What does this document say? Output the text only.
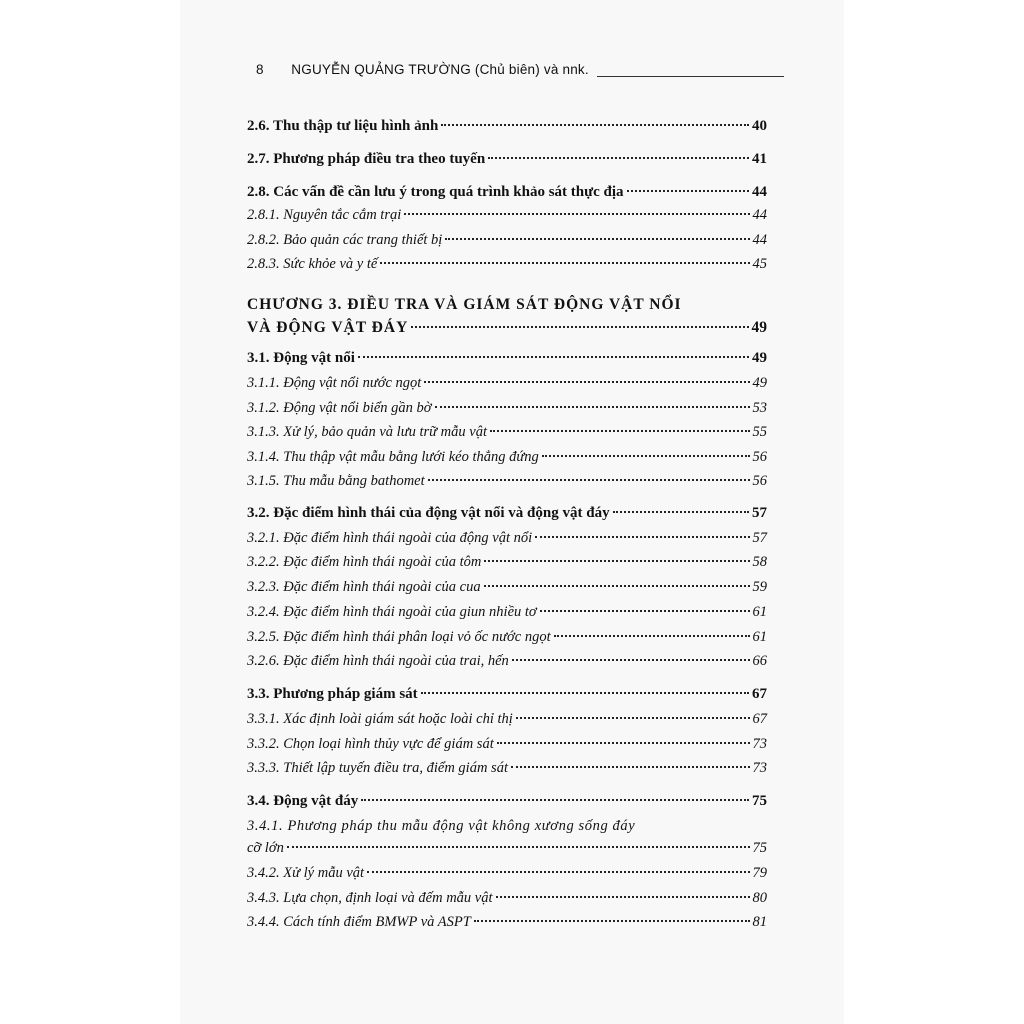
8 NGUYỄN QUẢNG TRƯỜNG (Chủ biên) và nnk.
2.6. Thu thập tư liệu hình ảnh	40
2.7. Phương pháp điều tra theo tuyến	41
2.8. Các vấn đề cần lưu ý trong quá trình khảo sát thực địa	44
2.8.1. Nguyên tắc cắm trại	44
2.8.2. Bảo quản các trang thiết bị	44
2.8.3. Sức khỏe và y tế	45
CHƯƠNG 3. ĐIỀU TRA VÀ GIÁM SÁT ĐỘNG VẬT NỔI
VÀ ĐỘNG VẬT ĐÁY	49
3.1. Động vật nổi	49
3.1.1. Động vật nổi nước ngọt	49
3.1.2. Động vật nổi biển gần bờ	53
3.1.3. Xử lý, bảo quản và lưu trữ mẫu vật	55
3.1.4. Thu thập vật mẫu bằng lưới kéo thẳng đứng	56
3.1.5. Thu mẫu bằng bathomet	56
3.2. Đặc điểm hình thái của động vật nổi và động vật đáy	57
3.2.1. Đặc điểm hình thái ngoài của động vật nổi	57
3.2.2. Đặc điểm hình thái ngoài của tôm	58
3.2.3. Đặc điểm hình thái ngoài của cua	59
3.2.4. Đặc điểm hình thái ngoài của giun nhiều tơ	61
3.2.5. Đặc điểm hình thái phân loại vỏ ốc nước ngọt	61
3.2.6. Đặc điểm hình thái ngoài của trai, hến	66
3.3. Phương pháp giám sát	67
3.3.1. Xác định loài giám sát hoặc loài chỉ thị	67
3.3.2. Chọn loại hình thủy vực để giám sát	73
3.3.3. Thiết lập tuyến điều tra, điểm giám sát	73
3.4. Động vật đáy	75
3.4.1. Phương pháp thu mẫu động vật không xương sống đáy
cỡ lớn	75
3.4.2. Xử lý mẫu vật	79
3.4.3. Lựa chọn, định loại và đếm mẫu vật	80
3.4.4. Cách tính điểm BMWP và ASPT	81
